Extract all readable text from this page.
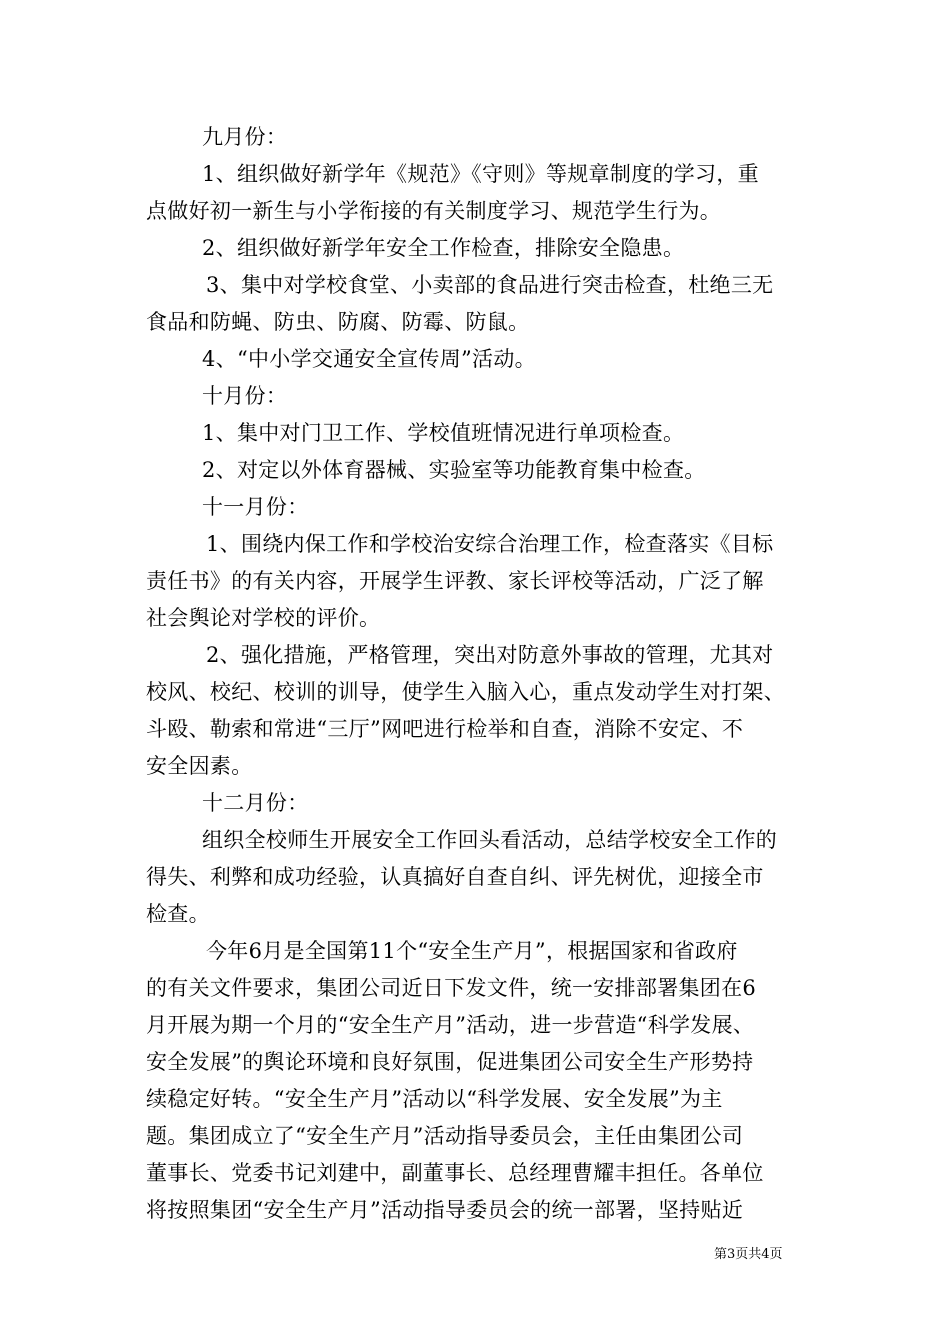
九月份：
1、组织做好新学年《规范》《守则》等规章制度的学习，重
点做好初一新生与小学衔接的有关制度学习、规范学生行为。
2、组织做好新学年安全工作检查，排除安全隐患。
3、集中对学校食堂、小卖部的食品进行突击检查，杜绝三无
食品和防蝇、防虫、防腐、防霉、防鼠。
4、“中小学交通安全宣传周”活动。
十月份：
1、集中对门卫工作、学校值班情况进行单项检查。
2、对定以外体育器械、实验室等功能教育集中检查。
十一月份：
1、围绕内保工作和学校治安综合治理工作，检查落实《目标
责任书》的有关内容，开展学生评教、家长评校等活动，广泛了解
社会舆论对学校的评价。
2、强化措施，严格管理，突出对防意外事故的管理，尤其对
校风、校纪、校训的训导，使学生入脑入心，重点发动学生对打架、
斗殴、勒索和常进“三厅”网吧进行检举和自查，消除不安定、不
安全因素。
十二月份：
组织全校师生开展安全工作回头看活动，总结学校安全工作的
得失、利弊和成功经验，认真搞好自查自纠、评先树优，迎接全市
检查。
今年6月是全国第11个“安全生产月”，根据国家和省政府
的有关文件要求，集团公司近日下发文件，统一安排部署集团在6
月开展为期一个月的“安全生产月”活动，进一步营造“科学发展、
安全发展”的舆论环境和良好氛围，促进集团公司安全生产形势持
续稳定好转。“安全生产月”活动以“科学发展、安全发展”为主
题。集团成立了“安全生产月”活动指导委员会，主任由集团公司
董事长、党委书记刘建中，副董事长、总经理曹耀丰担任。各单位
将按照集团“安全生产月”活动指导委员会的统一部署，坚持贴近
第3页共4页
